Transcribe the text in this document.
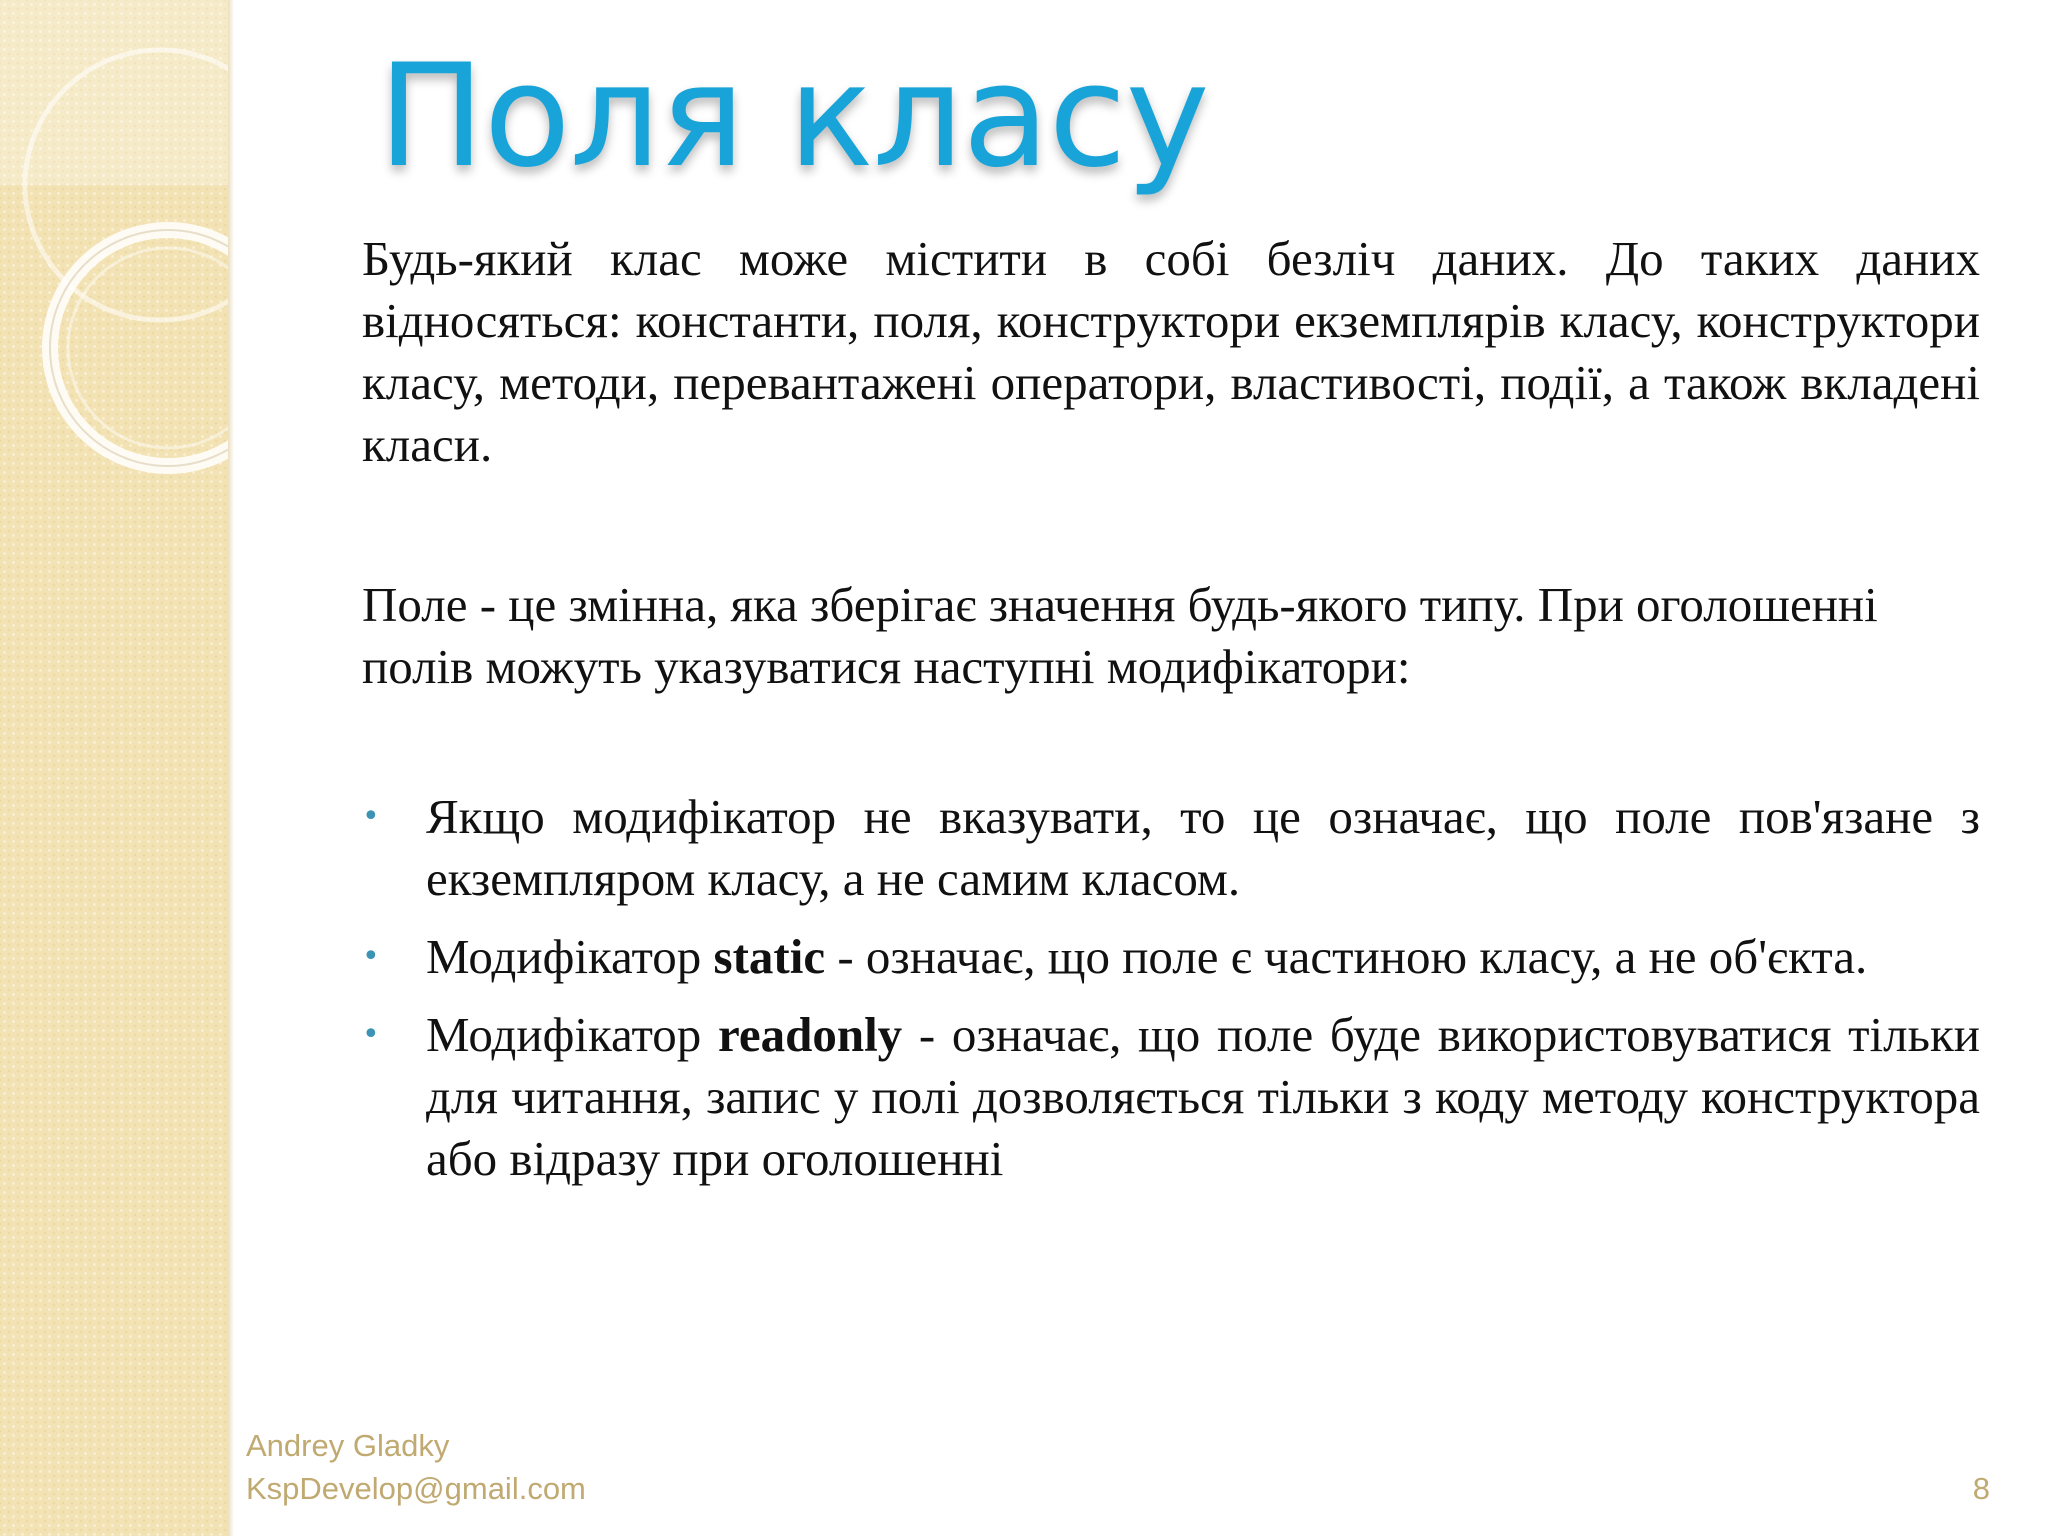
Поля класу

Будь-який клас може містити в собі безліч даних. До таких даних відносяться: константи, поля, конструктори екземплярів класу, конструктори класу, методи, перевантажені оператори, властивості, події, а також вкладені класи.

Поле - це змінна, яка зберігає значення будь-якого типу. При оголошенні полів можуть указуватися наступні модифікатори:

• Якщо модифікатор не вказувати, то це означає, що поле пов'язане з екземпляром класу, а не самим класом.
• Модифікатор static - означає, що поле є частиною класу, а не об'єкта.
• Модифікатор readonly - означає, що поле буде використовуватися тільки для читання, запис у полі дозволяється тільки з коду методу конструктора або відразу при оголошенні
Andrey Gladky
KspDevelop@gmail.com	8
